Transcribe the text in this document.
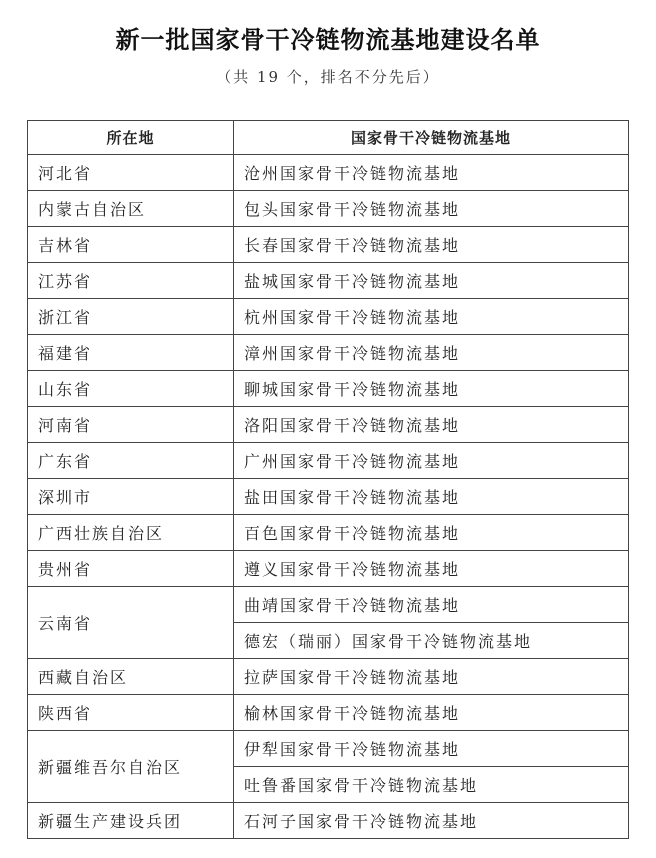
新一批国家骨干冷链物流基地建设名单
（共 19 个，排名不分先后）
所在地	国家骨干冷链物流基地
河北省	沧州国家骨干冷链物流基地
内蒙古自治区	包头国家骨干冷链物流基地
吉林省	长春国家骨干冷链物流基地
江苏省	盐城国家骨干冷链物流基地
浙江省	杭州国家骨干冷链物流基地
福建省	漳州国家骨干冷链物流基地
山东省	聊城国家骨干冷链物流基地
河南省	洛阳国家骨干冷链物流基地
广东省	广州国家骨干冷链物流基地
深圳市	盐田国家骨干冷链物流基地
广西壮族自治区	百色国家骨干冷链物流基地
贵州省	遵义国家骨干冷链物流基地
云南省	曲靖国家骨干冷链物流基地
	德宏（瑞丽）国家骨干冷链物流基地
西藏自治区	拉萨国家骨干冷链物流基地
陕西省	榆林国家骨干冷链物流基地
新疆维吾尔自治区	伊犁国家骨干冷链物流基地
	吐鲁番国家骨干冷链物流基地
新疆生产建设兵团	石河子国家骨干冷链物流基地
